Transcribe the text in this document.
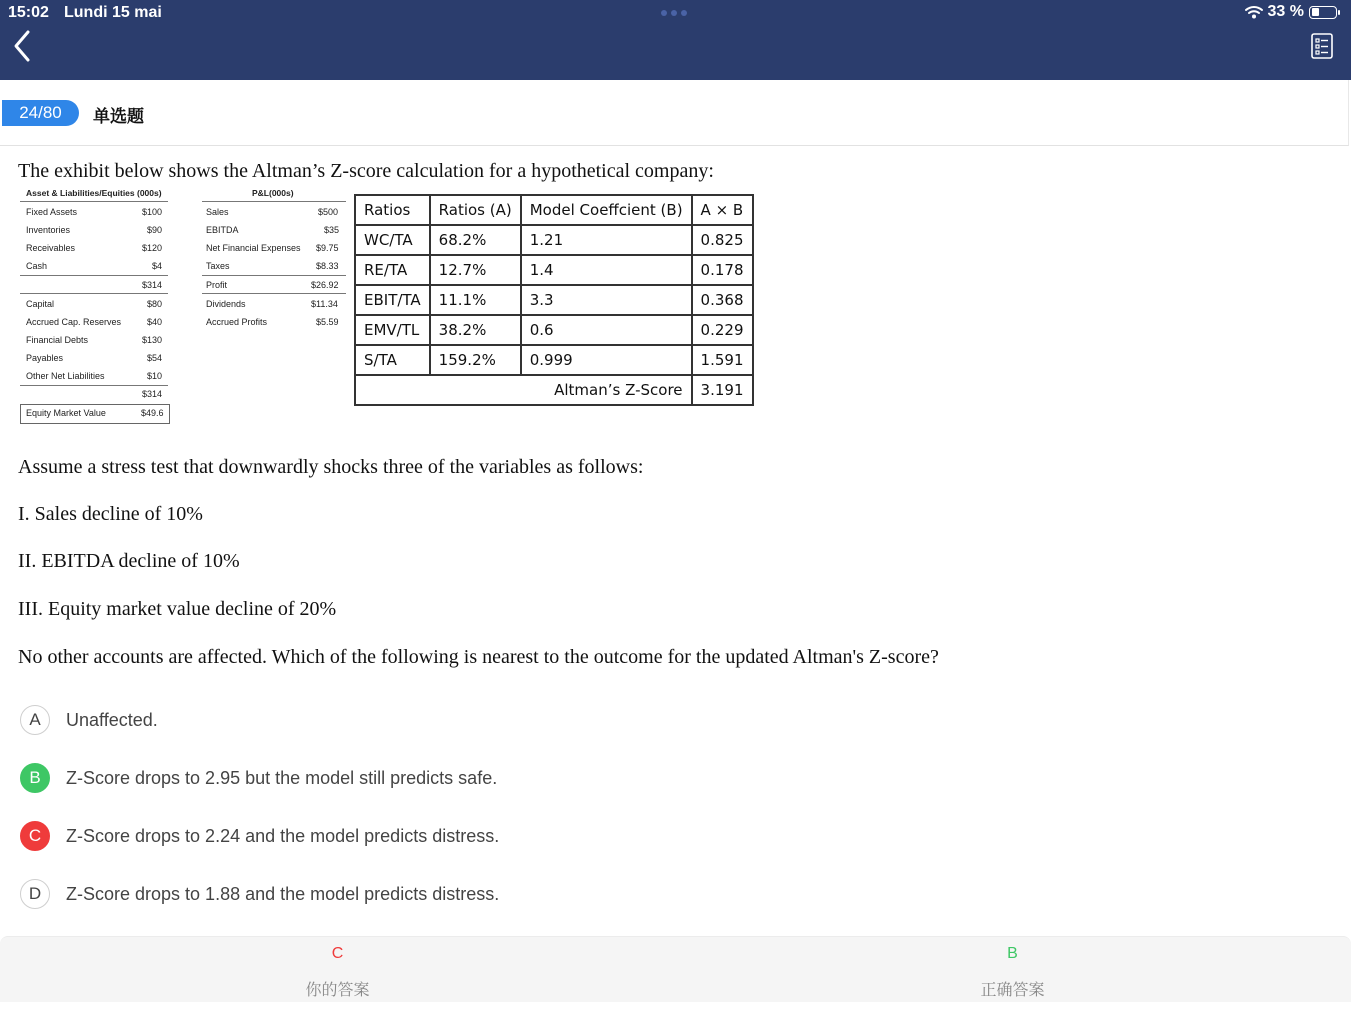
15:02 Lundi 15 mai	33 %
24/80	单选题
The exhibit below shows the Altman’s Z-score calculation for a hypothetical company:
Asset & Liabilities/Equities (000s)
Fixed Assets	$100
Inventories	$90
Receivables	$120
Cash	$4
$314
Capital	$80
Accrued Cap. Reserves	$40
Financial Debts	$130
Payables	$54
Other Net Liabilities	$10
$314
Equity Market Value	$49.6
P&L(000s)
Sales	$500
EBITDA	$35
Net Financial Expenses $9.75
Taxes	$8.33
Profit	$26.92
Dividends	$11.34
Accrued Profits	$5.59
Ratios	Ratios (A)	Model Coeffcient (B)	A × B
WC/TA	68.2%	1.21	0.825
RE/TA	12.7%	1.4	0.178
EBIT/TA	11.1%	3.3	0.368
EMV/TL	38.2%	0.6	0.229
S/TA	159.2%	0.999	1.591
Altman’s Z-Score			3.191
Assume a stress test that downwardly shocks three of the variables as follows:
I. Sales decline of 10%
II. EBITDA decline of 10%
III. Equity market value decline of 20%
No other accounts are affected. Which of the following is nearest to the outcome for the updated Altman's Z-score?
A	Unaffected.
B	Z-Score drops to 2.95 but the model still predicts safe.
C	Z-Score drops to 2.24 and the model predicts distress.
D	Z-Score drops to 1.88 and the model predicts distress.
C
你的答案
B
正确答案
